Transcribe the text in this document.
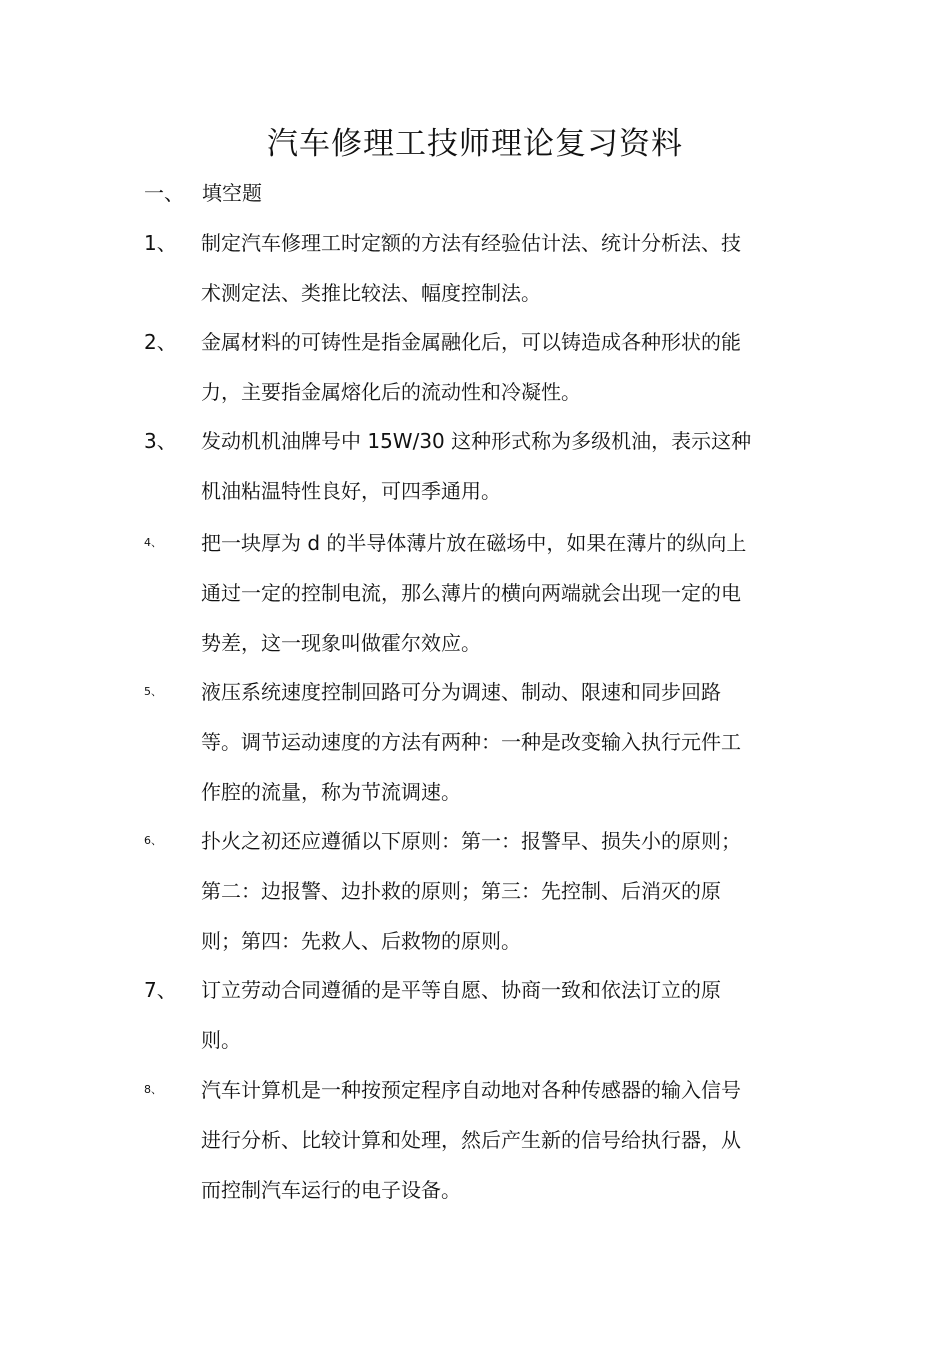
汽车修理工技师理论复习资料
一、 填空题
1、 制定汽车修理工时定额的方法有经验估计法、统计分析法、技
术测定法、类推比较法、幅度控制法。
2、 金属材料的可铸性是指金属融化后，可以铸造成各种形状的能
力，主要指金属熔化后的流动性和冷凝性。
3、 发动机机油牌号中 15W/30 这种形式称为多级机油，表示这种
机油粘温特性良好，可四季通用。
4、 把一块厚为 d 的半导体薄片放在磁场中，如果在薄片的纵向上
通过一定的控制电流，那么薄片的横向两端就会出现一定的电
势差，这一现象叫做霍尔效应。
5、 液压系统速度控制回路可分为调速、制动、限速和同步回路
等。调节运动速度的方法有两种：一种是改变输入执行元件工
作腔的流量，称为节流调速。
6、 扑火之初还应遵循以下原则：第一：报警早、损失小的原则；
第二：边报警、边扑救的原则；第三：先控制、后消灭的原
则；第四：先救人、后救物的原则。
7、 订立劳动合同遵循的是平等自愿、协商一致和依法订立的原
则。
8、 汽车计算机是一种按预定程序自动地对各种传感器的输入信号
进行分析、比较计算和处理，然后产生新的信号给执行器，从
而控制汽车运行的电子设备。
